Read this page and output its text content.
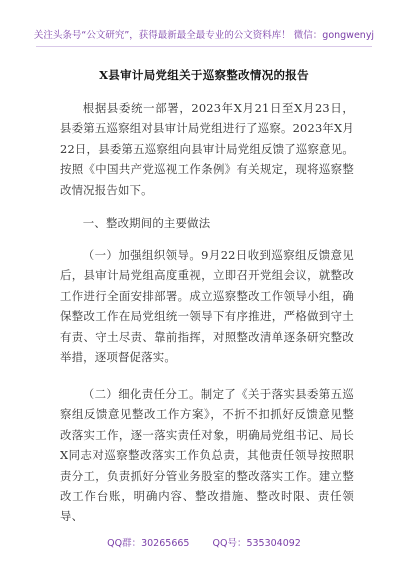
关注头条号“公文研究”，获得最新最全最专业的公文资料库！ 微信：gongwenyj
X县审计局党组关于巡察整改情况的报告

根据县委统一部署，2023年X月21日至X月23日，县委第五巡察组对县审计局党组进行了巡察。2023年X月22日，县委第五巡察组向县审计局党组反馈了巡察意见。按照《中国共产党巡视工作条例》有关规定，现将巡察整改情况报告如下。

一、整改期间的主要做法

（一）加强组织领导。9月22日收到巡察组反馈意见后，县审计局党组高度重视，立即召开党组会议，就整改工作进行全面安排部署。成立巡察整改工作领导小组，确保整改工作在局党组统一领导下有序推进，严格做到守土有责、守土尽责、靠前指挥，对照整改清单逐条研究整改举措，逐项督促落实。

（二）细化责任分工。制定了《关于落实县委第五巡察组反馈意见整改工作方案》，不折不扣抓好反馈意见整改落实工作，逐一落实责任对象，明确局党组书记、局长X同志对巡察整改落实工作负总责，其他责任领导按照职责分工，负责抓好分管业务股室的整改落实工作。建立整改工作台账，明确内容、整改措施、整改时限、责任领导、

QQ群：30265665 QQ号：535304092
